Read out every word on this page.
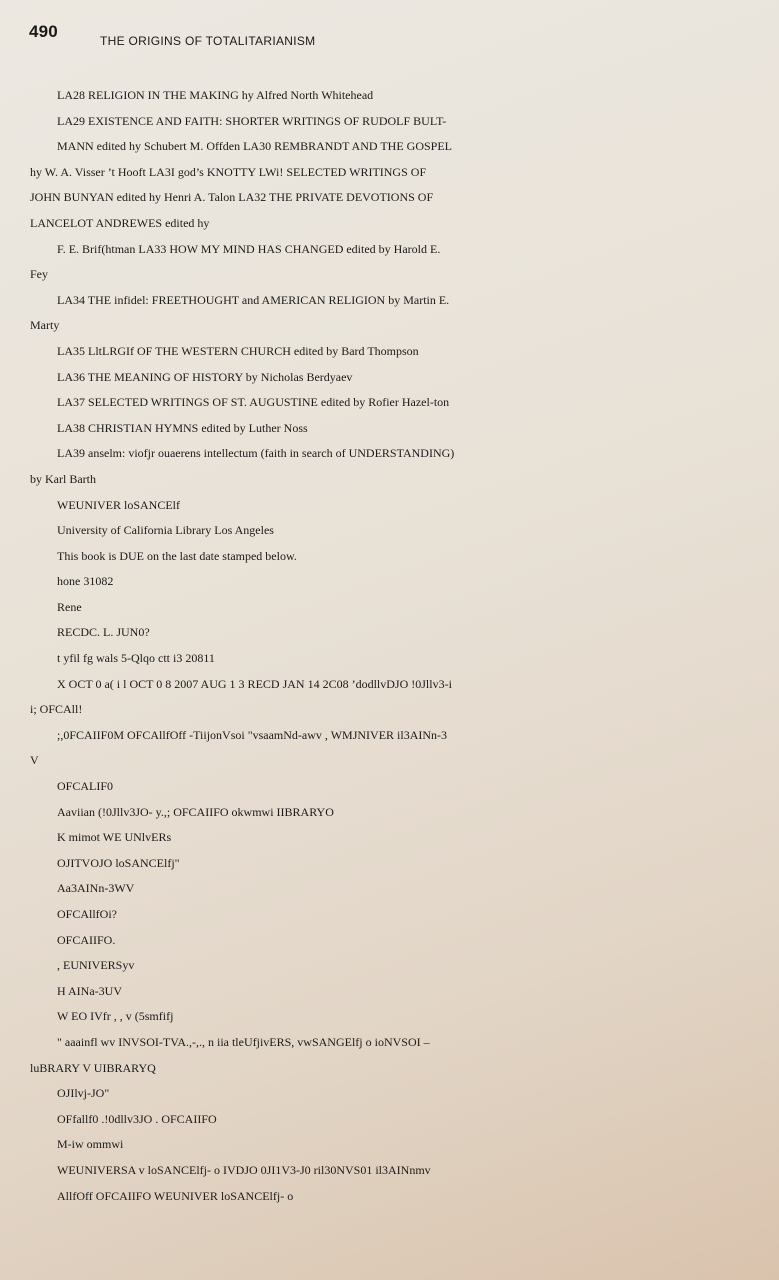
490	THE ORIGINS OF TOTALITARIANISM
LA28 RELIGION IN THE MAKING hy Alfred North Whitehead
LA29 EXISTENCE AND FAITH: SHORTER WRITINGS OF RUDOLF BULT-
MANN edited hy Schubert M. Offden LA30 REMBRANDT AND THE GOSPEL
hy W. A. Visser ’t Hooft LA3I god’s KNOTTY LWi! SELECTED WRITINGS OF
JOHN BUNYAN edited hy Henri A. Talon LA32 THE PRIVATE DEVOTIONS OF
LANCELOT ANDREWES edited hy
F. E. Brif(htman LA33 HOW MY MIND HAS CHANGED edited by Harold E.
Fey
LA34 THE infidel: FREETHOUGHT and AMERICAN RELIGION by Martin E.
Marty
LA35 LltLRGIf OF THE WESTERN CHURCH edited by Bard Thompson
LA36 THE MEANING OF HISTORY by Nicholas Berdyaev
LA37 SELECTED WRITINGS OF ST. AUGUSTINE edited by Rofier Hazel-ton
LA38 CHRISTIAN HYMNS edited by Luther Noss
LA39 anselm: viofjr ouaerens intellectum (faith in search of UNDERSTANDING)
by Karl Barth
WEUNIVER loSANCElf
University of California Library Los Angeles
This book is DUE on the last date stamped below.
hone 31082
Rene
RECDC. L. JUN0?
t yfil fg wals 5-Qlqo ctt i3 20811
X OCT 0 a( i l OCT 0 8 2007 AUG 1 3 RECD JAN 14 2C08 ’dodllvDJO !0Jllv3-i
i; OFCAll!
;,0FCAIIF0M OFCAllfOff -TiijonVsoi "vsaamNd-awv , WMJNIVER il3AINn-3
V
OFCALIF0
Aaviian (!0Jllv3JO- y.,; OFCAIIFO okwmwi IIBRARYO
K mimot WE UNlvERs
OJITVOJO loSANCElfj"
Aa3AINn-3WV
OFCAllfOi?
OFCAIIFO.
, EUNIVERSyv
H AINa-3UV
W EO IVfr , , v (5smfifj
" aaainfl wv INVSOI-TVA.,-,., n iia tleUfjivERS, vwSANGElfj o ioNVSOI –
luBRARY V UIBRARYQ
OJIlvj-JO"
OFfallf0 .!0dllv3JO . OFCAIIFO
M-iw ommwi
WEUNIVERSA v loSANCElfj- o IVDJO 0JI1V3-J0 ril30NVS01 il3AINnmv
AllfOff OFCAIIFO WEUNIVER loSANCElfj- o
